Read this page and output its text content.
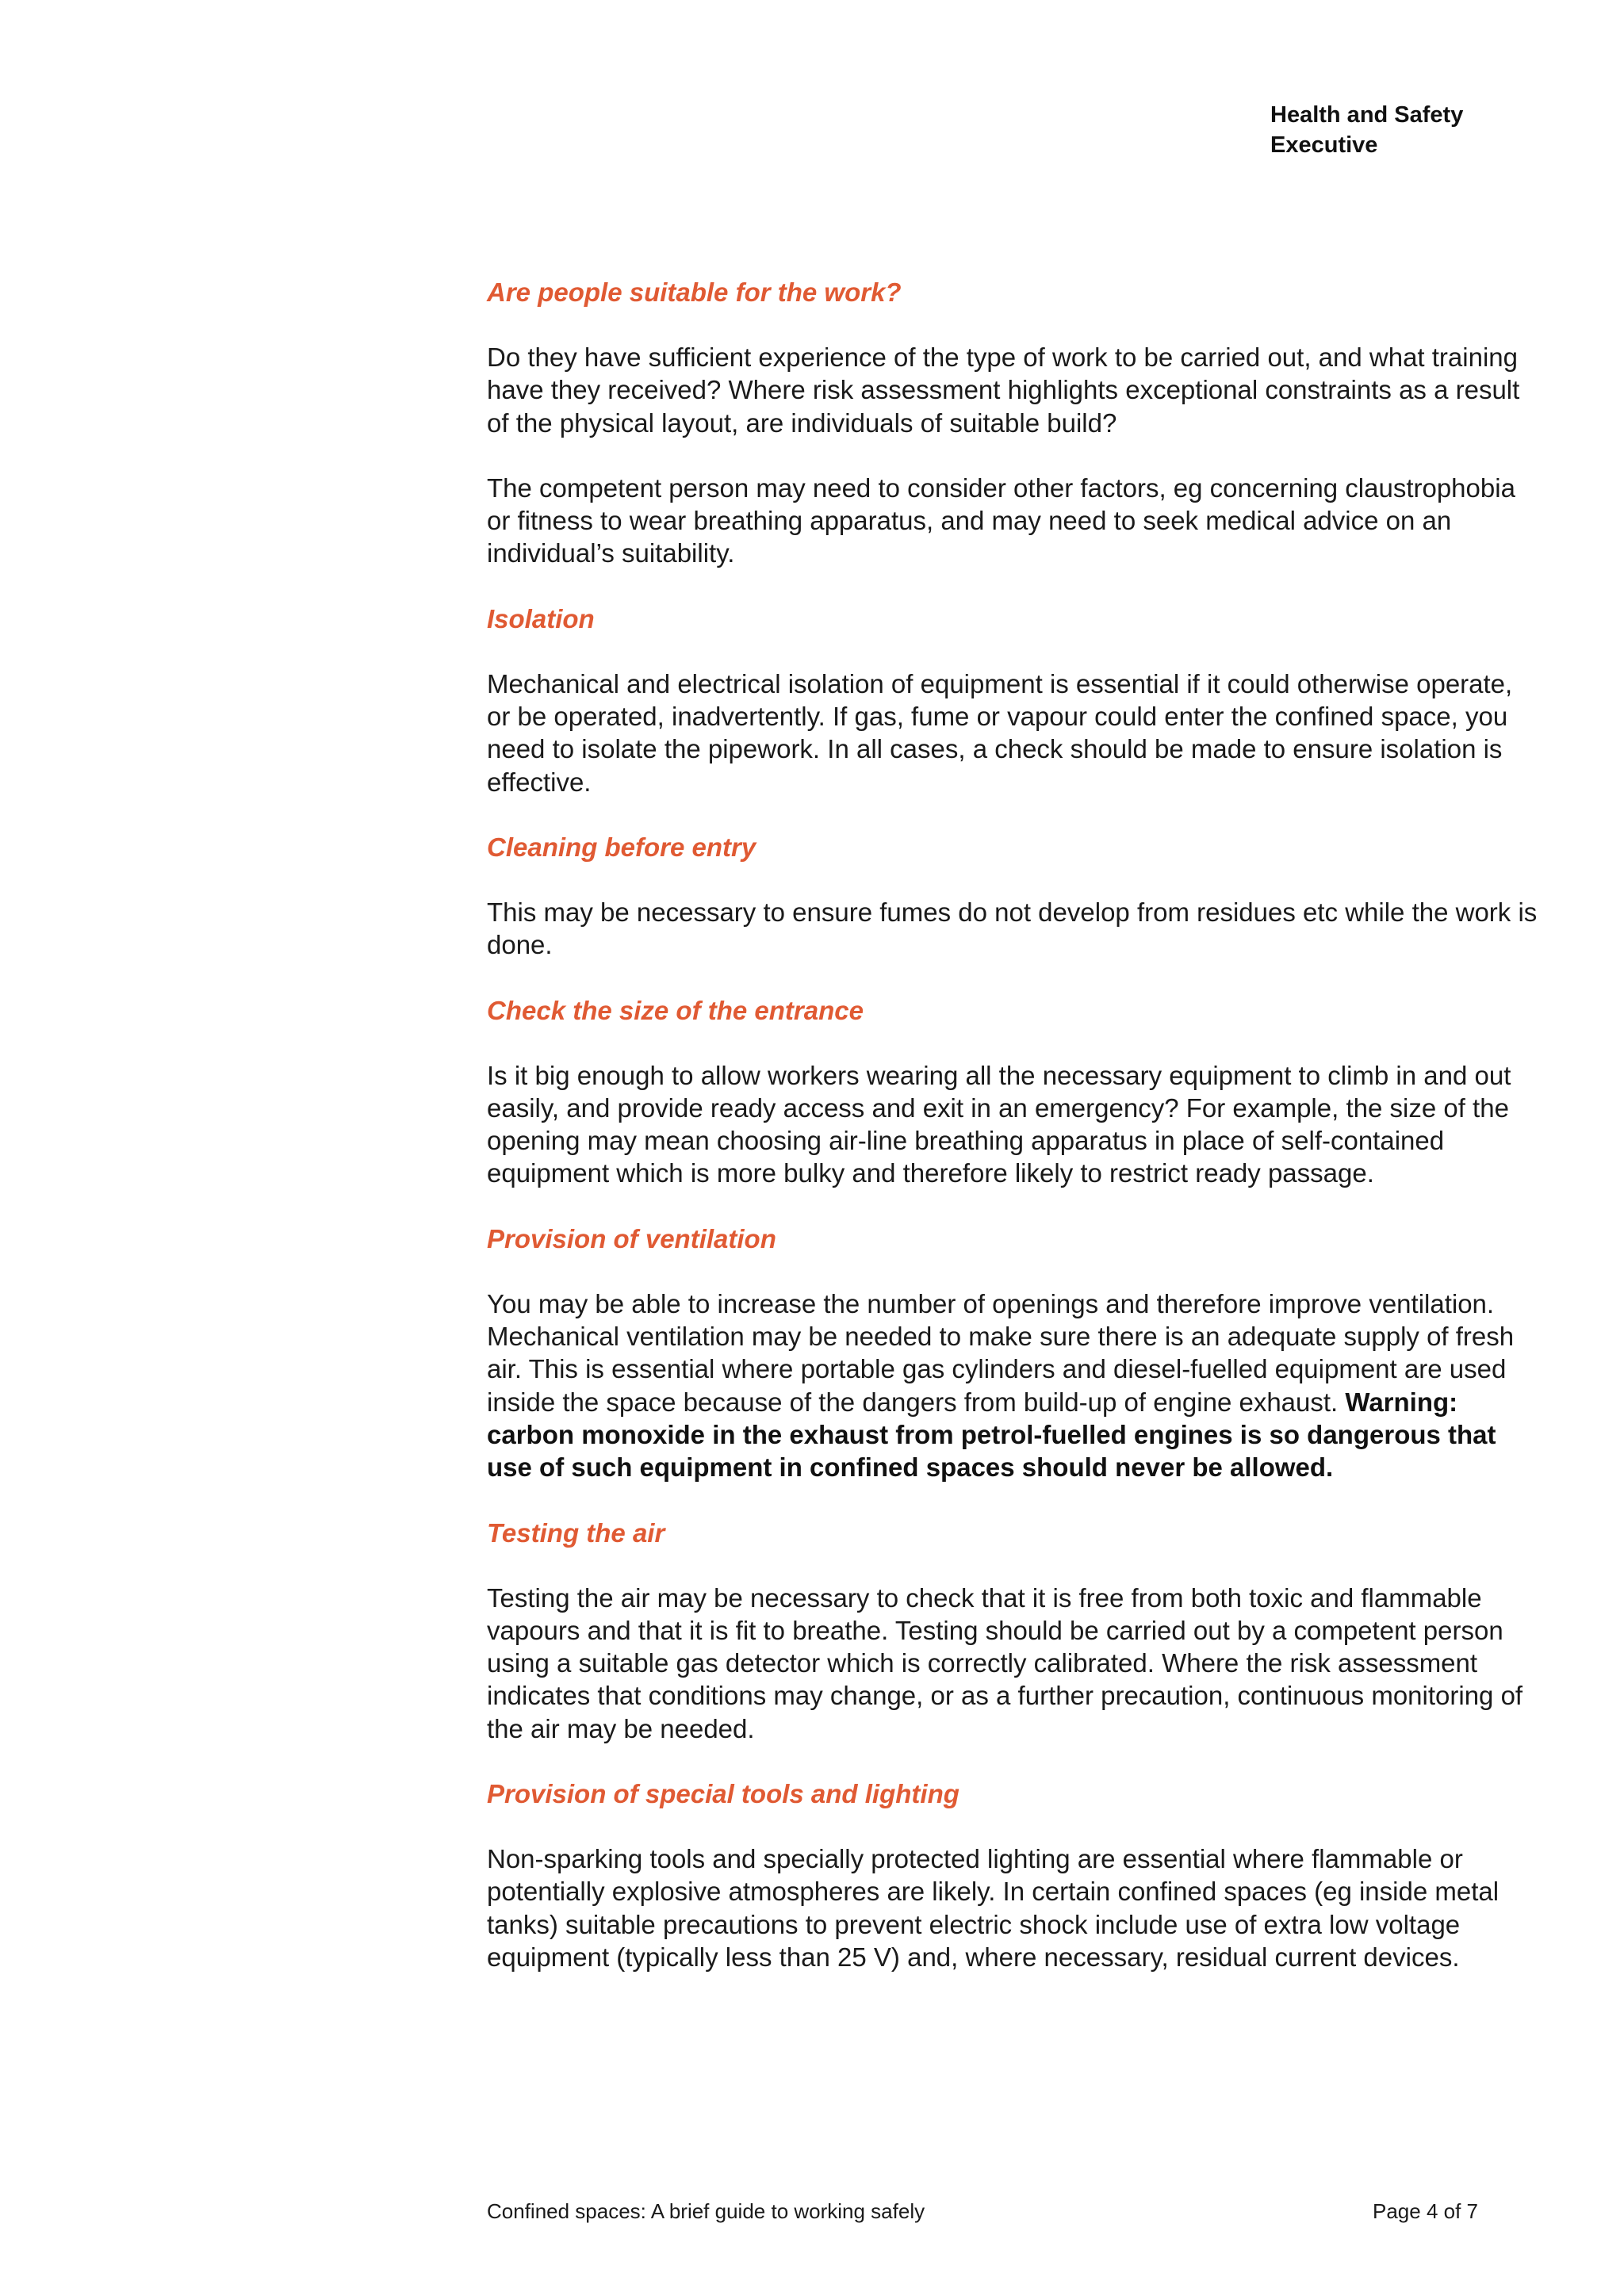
Health and Safety
Executive
Are people suitable for the work?

Do they have sufficient experience of the type of work to be carried out, and what training have they received? Where risk assessment highlights exceptional constraints as a result of the physical layout, are individuals of suitable build?

The competent person may need to consider other factors, eg concerning claustrophobia or fitness to wear breathing apparatus, and may need to seek medical advice on an individual’s suitability.

Isolation

Mechanical and electrical isolation of equipment is essential if it could otherwise operate, or be operated, inadvertently. If gas, fume or vapour could enter the confined space, you need to isolate the pipework. In all cases, a check should be made to ensure isolation is effective.

Cleaning before entry

This may be necessary to ensure fumes do not develop from residues etc while the work is done.

Check the size of the entrance

Is it big enough to allow workers wearing all the necessary equipment to climb in and out easily, and provide ready access and exit in an emergency? For example, the size of the opening may mean choosing air-line breathing apparatus in place of self-contained equipment which is more bulky and therefore likely to restrict ready passage.

Provision of ventilation

You may be able to increase the number of openings and therefore improve ventilation. Mechanical ventilation may be needed to make sure there is an adequate supply of fresh air. This is essential where portable gas cylinders and diesel-fuelled equipment are used inside the space because of the dangers from build-up of engine exhaust. Warning: carbon monoxide in the exhaust from petrol-fuelled engines is so dangerous that use of such equipment in confined spaces should never be allowed.

Testing the air

Testing the air may be necessary to check that it is free from both toxic and flammable vapours and that it is fit to breathe. Testing should be carried out by a competent person using a suitable gas detector which is correctly calibrated. Where the risk assessment indicates that conditions may change, or as a further precaution, continuous monitoring of the air may be needed.

Provision of special tools and lighting

Non-sparking tools and specially protected lighting are essential where flammable or potentially explosive atmospheres are likely. In certain confined spaces (eg inside metal tanks) suitable precautions to prevent electric shock include use of extra low voltage equipment (typically less than 25 V) and, where necessary, residual current devices.

Confined spaces: A brief guide to working safely	Page 4 of 7
